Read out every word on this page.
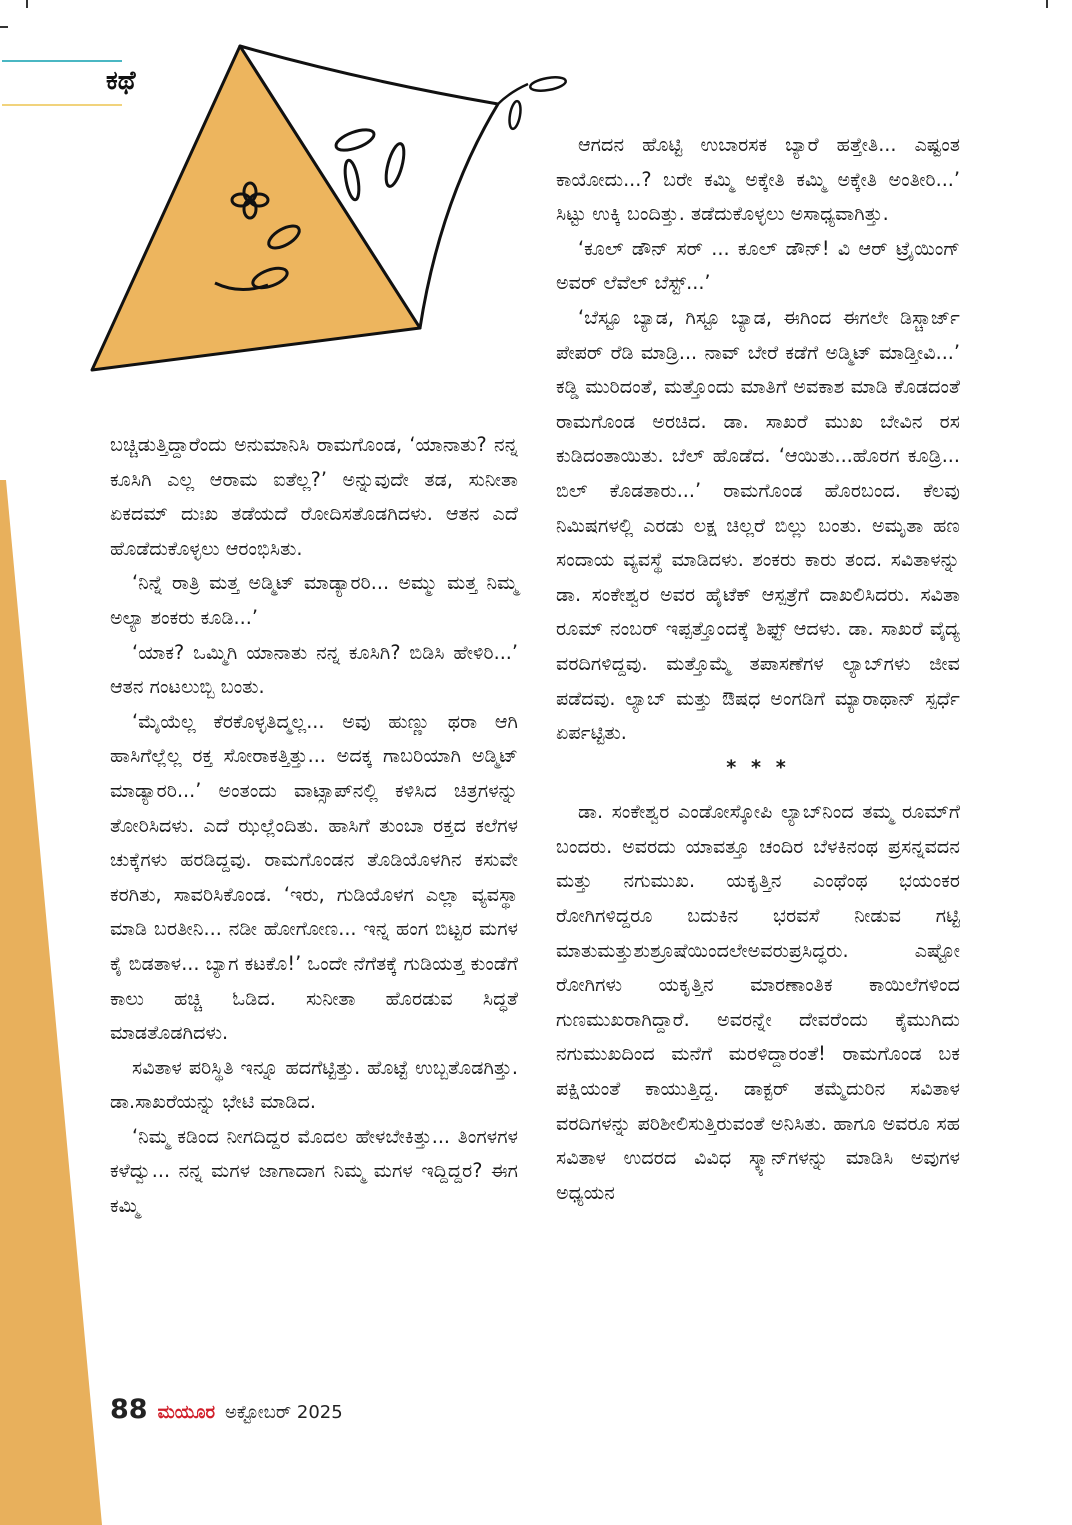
ಕಥೆ

ಬಚ್ಚಿಡುತ್ತಿದ್ದಾರೆಂದು ಅನುಮಾನಿಸಿ ರಾಮಗೊಂಡ, ‘ಯಾನಾತು? ನನ್ನ ಕೂಸಿಗಿ ಎಲ್ಲ ಆರಾಮ ಐತೆಲ್ಲ?’ ಅನ್ನುವುದೇ ತಡ, ಸುನೀತಾ ಏಕದಮ್ ದುಃಖ ತಡೆಯದೆ ರೋದಿಸತೊಡಗಿದಳು. ಆತನ ಎದೆ ಹೊಡೆದುಕೊಳ್ಳಲು ಆರಂಭಿಸಿತು.

‘ನಿನ್ನೆ ರಾತ್ರಿ ಮತ್ತ ಅಡ್ಮಿಟ್ ಮಾಡ್ಯಾರರಿ... ಅಮ್ಮು ಮತ್ತ ನಿಮ್ಮ ಅಲ್ಯಾ ಶಂಕರು ಕೂಡಿ...’

‘ಯಾಕ? ಒಮ್ಮಿಗಿ ಯಾನಾತು ನನ್ನ ಕೂಸಿಗಿ? ಬಿಡಿಸಿ ಹೇಳಿರಿ...’ ಆತನ ಗಂಟಲುಬ್ಬಿ ಬಂತು.

‘ಮೈಯೆಲ್ಲ ಕೆರಕೊಳ್ಳತಿದ್ಮಲ್ಲ... ಅವು ಹುಣ್ಣು ಥರಾ ಆಗಿ ಹಾಸಿಗೆಲ್ಲೆಲ್ಲ ರಕ್ತ ಸೋರಾಕತ್ತಿತ್ತು... ಅದಕ್ಕ ಗಾಬರಿಯಾಗಿ ಅಡ್ಮಿಟ್ ಮಾಡ್ಯಾರರಿ...’ ಅಂತಂದು ವಾಟ್ಸಾಪ್‌ನಲ್ಲಿ ಕಳಿಸಿದ ಚಿತ್ರಗಳನ್ನು ತೋರಿಸಿದಳು. ಎದೆ ಝಲ್ಲೆಂದಿತು. ಹಾಸಿಗೆ ತುಂಬಾ ರಕ್ತದ ಕಲೆಗಳ ಚುಕ್ಕೆಗಳು ಹರಡಿದ್ದವು. ರಾಮಗೊಂಡನ ತೊಡಿಯೊಳಗಿನ ಕಸುವೇ ಕರಗಿತು, ಸಾವರಿಸಿಕೊಂಡ. ‘ಇರು, ಗುಡಿಯೊಳಗ ಎಲ್ಲಾ ವ್ಯವಸ್ಥಾ ಮಾಡಿ ಬರತೀನಿ... ನಡೀ ಹೋಗೋಣ... ಇನ್ನ ಹಂಗ ಬಿಟ್ಟರ ಮಗಳ ಕೈ ಬಿಡತಾಳ... ಬ್ಯಾಗ ಕಟಕೊ!’ ಒಂದೇ ನೆಗೆತಕ್ಕೆ ಗುಡಿಯತ್ತ ಕುಂಡೆಗೆ ಕಾಲು ಹಚ್ಚಿ ಓಡಿದ. ಸುನೀತಾ ಹೊರಡುವ ಸಿದ್ಧತೆ ಮಾಡತೊಡಗಿದಳು.

ಸವಿತಾಳ ಪರಿಸ್ಥಿತಿ ಇನ್ನೂ ಹದಗೆಟ್ಟಿತ್ತು. ಹೊಟ್ಟೆ ಉಬ್ಬತೊಡಗಿತ್ತು. ಡಾ.ಸಾಖರೆಯನ್ನು ಭೇಟಿ ಮಾಡಿದ.

‘ನಿಮ್ಮ ಕಡಿಂದ ನೀಗದಿದ್ದರ ಮೊದಲ ಹೇಳಬೇಕಿತ್ತು... ತಿಂಗಳಗಳ ಕಳೆದ್ವು... ನನ್ನ ಮಗಳ ಜಾಗಾದಾಗ ನಿಮ್ಮ ಮಗಳ ಇದ್ದಿದ್ದರ? ಈಗ ಕಮ್ಮಿ

ಆಗದನ ಹೊಟ್ಟಿ ಉಬಾರಸಕ ಬ್ಯಾರೆ ಹತ್ತೇತಿ... ಎಷ್ಟಂತ ಕಾಯೋದು...? ಬರೇ ಕಮ್ಮಿ ಅಕ್ಕೇತಿ ಕಮ್ಮಿ ಅಕ್ಕೇತಿ ಅಂತೀರಿ...’ ಸಿಟ್ಟು ಉಕ್ಕಿ ಬಂದಿತ್ತು. ತಡೆದುಕೊಳ್ಳಲು ಅಸಾಧ್ಯವಾಗಿತ್ತು.

‘ಕೂಲ್ ಡೌನ್ ಸರ್ ... ಕೂಲ್ ಡೌನ್! ವಿ ಆರ್ ಟ್ರೈಯಿಂಗ್ ಅವರ್ ಲೆವೆಲ್ ಬೆಸ್ಟ್...’

‘ಬೆಸ್ಟೂ ಬ್ಯಾಡ, ಗಿಸ್ಟೂ ಬ್ಯಾಡ, ಈಗಿಂದ ಈಗಲೇ ಡಿಸ್ಚಾರ್ಜ್ ಪೇಪರ್ ರೆಡಿ ಮಾಡ್ರಿ... ನಾವ್ ಬೇರೆ ಕಡೆಗೆ ಅಡ್ಮಿಟ್ ಮಾಡ್ತೀವಿ...’ ಕಡ್ಡಿ ಮುರಿದಂತೆ, ಮತ್ತೊಂದು ಮಾತಿಗೆ ಅವಕಾಶ ಮಾಡಿ ಕೊಡದಂತೆ ರಾಮಗೊಂಡ ಅರಚಿದ. ಡಾ. ಸಾಖರೆ ಮುಖ ಬೇವಿನ ರಸ ಕುಡಿದಂತಾಯಿತು. ಬೆಲ್ ಹೊಡೆದ. ‘ಆಯಿತು...ಹೊರಗ ಕೂಡ್ರಿ... ಬಿಲ್ ಕೊಡತಾರು...’ ರಾಮಗೊಂಡ ಹೊರಬಂದ. ಕೆಲವು ನಿಮಿಷಗಳಲ್ಲಿ ಎರಡು ಲಕ್ಷ ಚಿಲ್ಲರೆ ಬಿಲ್ಲು ಬಂತು. ಅಮೃತಾ ಹಣ ಸಂದಾಯ ವ್ಯವಸ್ಥೆ ಮಾಡಿದಳು. ಶಂಕರು ಕಾರು ತಂದ. ಸವಿತಾಳನ್ನು ಡಾ. ಸಂಕೇಶ್ವರ ಅವರ ಹೈಟೆಕ್ ಆಸ್ಪತ್ರೆಗೆ ದಾಖಲಿಸಿದರು. ಸವಿತಾ ರೂಮ್ ನಂಬರ್ ಇಪ್ಪತ್ತೊಂದಕ್ಕೆ ಶಿಫ್ಟ್ ಆದಳು. ಡಾ. ಸಾಖರೆ ವೈದ್ಯ ವರದಿಗಳಿದ್ದವು. ಮತ್ತೊಮ್ಮೆ ತಪಾಸಣೆಗಳ ಲ್ಯಾಬ್‌ಗಳು ಜೀವ ಪಡೆದವು. ಲ್ಯಾಬ್ ಮತ್ತು ಔಷಧ ಅಂಗಡಿಗೆ ಮ್ಯಾರಾಥಾನ್ ಸ್ಪರ್ಧೆ ಏರ್ಪಟ್ಟಿತು.

* * *

ಡಾ. ಸಂಕೇಶ್ವರ ಎಂಡೋಸ್ಕೋಪಿ ಲ್ಯಾಬ್‌ನಿಂದ ತಮ್ಮ ರೂಮ್‌ಗೆ ಬಂದರು. ಅವರದು ಯಾವತ್ತೂ ಚಂದಿರ ಬೆಳಕಿನಂಥ ಪ್ರಸನ್ನವದನ ಮತ್ತು ನಗುಮುಖ. ಯಕೃತ್ತಿನ ಎಂಥೆಂಥ ಭಯಂಕರ ರೋಗಿಗಳಿದ್ದರೂ ಬದುಕಿನ ಭರವಸೆ ನೀಡುವ ಗಟ್ಟಿ ಮಾತುಮತ್ತುಶುಶ್ರೂಷೆಯಿಂದಲೇಅವರುಪ್ರಸಿದ್ಧರು. ಎಷ್ಟೋ ರೋಗಿಗಳು ಯಕೃತ್ತಿನ ಮಾರಣಾಂತಿಕ ಕಾಯಿಲೆಗಳಿಂದ ಗುಣಮುಖರಾಗಿದ್ದಾರೆ. ಅವರನ್ನೇ ದೇವರೆಂದು ಕೈಮುಗಿದು ನಗುಮುಖದಿಂದ ಮನೆಗೆ ಮರಳಿದ್ದಾರಂತೆ! ರಾಮಗೊಂಡ ಬಕ ಪಕ್ಷಿಯಂತೆ ಕಾಯುತ್ತಿದ್ದ. ಡಾಕ್ಟರ್ ತಮ್ಮೆದುರಿನ ಸವಿತಾಳ ವರದಿಗಳನ್ನು ಪರಿಶೀಲಿಸುತ್ತಿರುವಂತೆ ಅನಿಸಿತು. ಹಾಗೂ ಅವರೂ ಸಹ ಸವಿತಾಳ ಉದರದ ವಿವಿಧ ಸ್ಕ್ಯಾನ್‌ಗಳನ್ನು ಮಾಡಿಸಿ ಅವುಗಳ ಅಧ್ಯಯನ

88 ಮಯೂರ ಅಕ್ಟೋಬರ್ 2025
